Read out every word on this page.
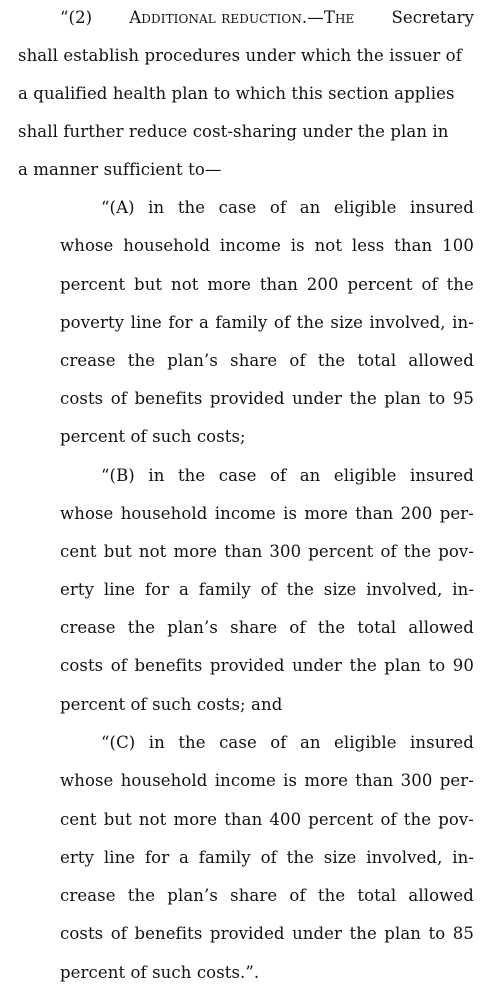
“(2) Additional reduction.—The Secretary
shall establish procedures under which the issuer of
a qualified health plan to which this section applies
shall further reduce cost-sharing under the plan in
a manner sufficient to—
“(A) in the case of an eligible insured
whose household income is not less than 100
percent but not more than 200 percent of the
poverty line for a family of the size involved, in-
crease the plan’s share of the total allowed
costs of benefits provided under the plan to 95
percent of such costs;
“(B) in the case of an eligible insured
whose household income is more than 200 per-
cent but not more than 300 percent of the pov-
erty line for a family of the size involved, in-
crease the plan’s share of the total allowed
costs of benefits provided under the plan to 90
percent of such costs; and
“(C) in the case of an eligible insured
whose household income is more than 300 per-
cent but not more than 400 percent of the pov-
erty line for a family of the size involved, in-
crease the plan’s share of the total allowed
costs of benefits provided under the plan to 85
percent of such costs.”.
